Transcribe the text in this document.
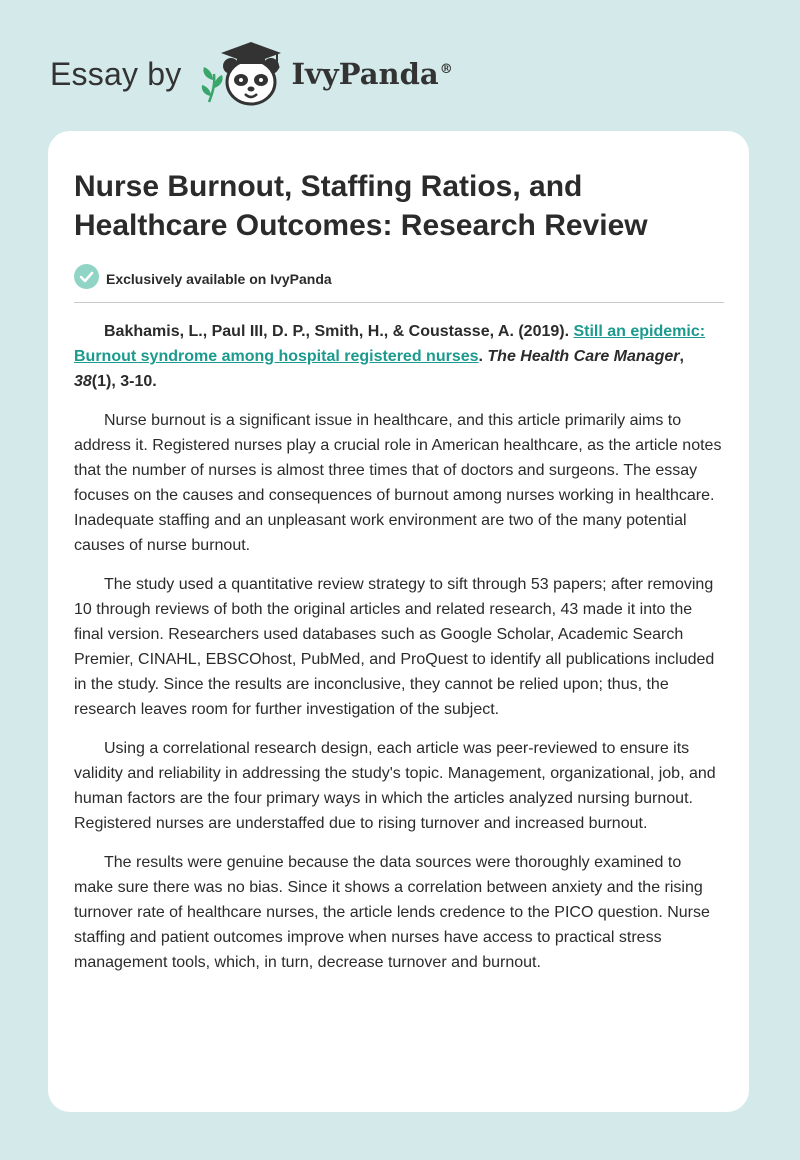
Essay by	IvyPanda®
Nurse Burnout, Staffing Ratios, and Healthcare Outcomes: Research Review
Exclusively available on IvyPanda

Bakhamis, L., Paul III, D. P., Smith, H., & Coustasse, A. (2019). Still an epidemic: Burnout syndrome among hospital registered nurses. The Health Care Manager, 38(1), 3-10.

Nurse burnout is a significant issue in healthcare, and this article primarily aims to address it. Registered nurses play a crucial role in American healthcare, as the article notes that the number of nurses is almost three times that of doctors and surgeons. The essay focuses on the causes and consequences of burnout among nurses working in healthcare. Inadequate staffing and an unpleasant work environment are two of the many potential causes of nurse burnout.

The study used a quantitative review strategy to sift through 53 papers; after removing 10 through reviews of both the original articles and related research, 43 made it into the final version. Researchers used databases such as Google Scholar, Academic Search Premier, CINAHL, EBSCOhost, PubMed, and ProQuest to identify all publications included in the study. Since the results are inconclusive, they cannot be relied upon; thus, the research leaves room for further investigation of the subject.

Using a correlational research design, each article was peer-reviewed to ensure its validity and reliability in addressing the study's topic. Management, organizational, job, and human factors are the four primary ways in which the articles analyzed nursing burnout. Registered nurses are understaffed due to rising turnover and increased burnout.

The results were genuine because the data sources were thoroughly examined to make sure there was no bias. Since it shows a correlation between anxiety and the rising turnover rate of healthcare nurses, the article lends credence to the PICO question. Nurse staffing and patient outcomes improve when nurses have access to practical stress management tools, which, in turn, decrease turnover and burnout.
